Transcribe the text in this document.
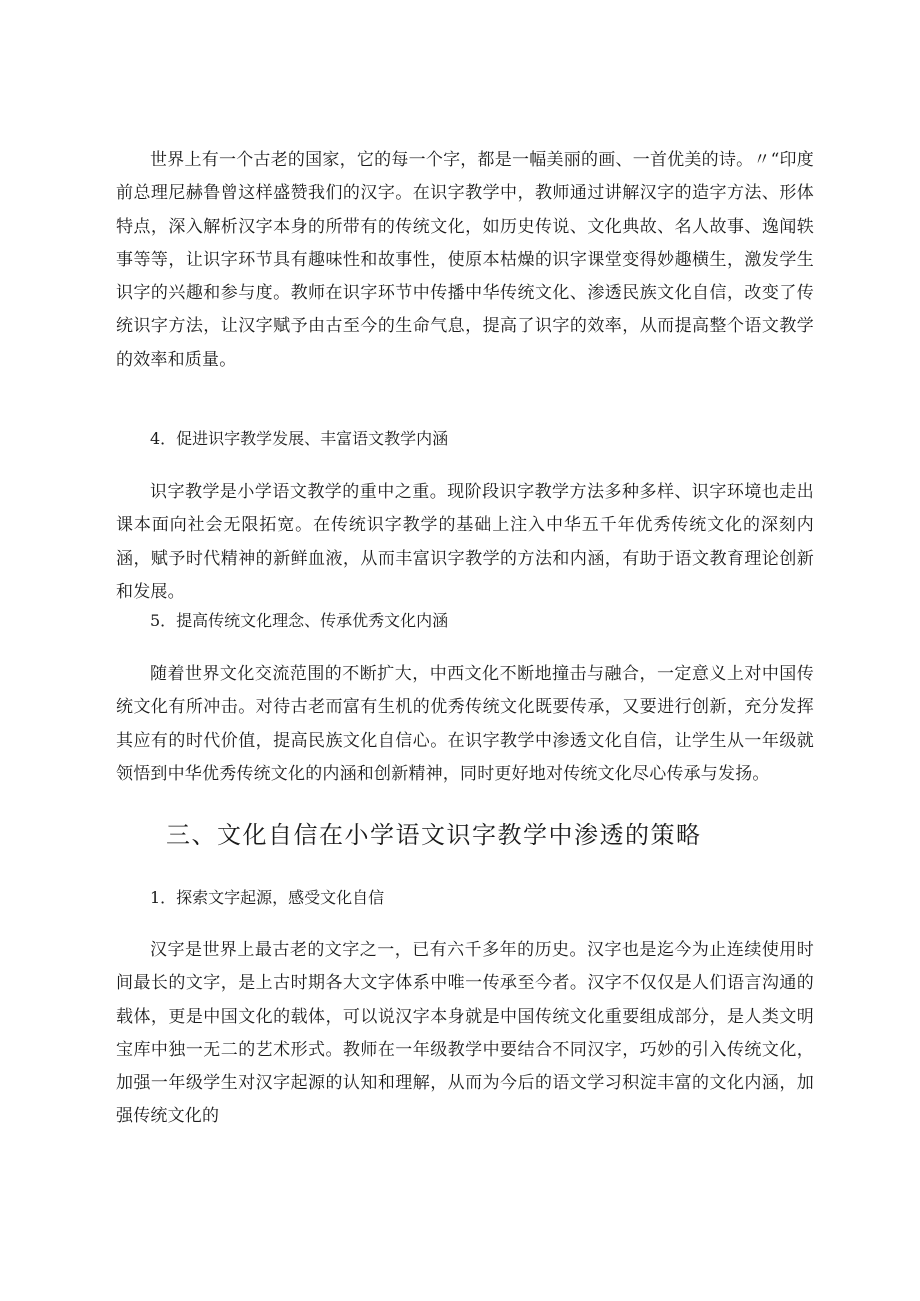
世界上有一个古老的国家，它的每一个字，都是一幅美丽的画、一首优美的诗。〃“印度前总理尼赫鲁曾这样盛赞我们的汉字。在识字教学中，教师通过讲解汉字的造字方法、形体特点，深入解析汉字本身的所带有的传统文化，如历史传说、文化典故、名人故事、逸闻轶事等等，让识字环节具有趣味性和故事性，使原本枯燥的识字课堂变得妙趣横生，激发学生识字的兴趣和参与度。教师在识字环节中传播中华传统文化、渗透民族文化自信，改变了传统识字方法，让汉字赋予由古至今的生命气息，提高了识字的效率，从而提高整个语文教学的效率和质量。

4．促进识字教学发展、丰富语文教学内涵

识字教学是小学语文教学的重中之重。现阶段识字教学方法多种多样、识字环境也走出课本面向社会无限拓宽。在传统识字教学的基础上注入中华五千年优秀传统文化的深刻内涵，赋予时代精神的新鲜血液，从而丰富识字教学的方法和内涵，有助于语文教育理论创新和发展。

5．提高传统文化理念、传承优秀文化内涵

随着世界文化交流范围的不断扩大，中西文化不断地撞击与融合，一定意义上对中国传统文化有所冲击。对待古老而富有生机的优秀传统文化既要传承，又要进行创新，充分发挥其应有的时代价值，提高民族文化自信心。在识字教学中渗透文化自信，让学生从一年级就领悟到中华优秀传统文化的内涵和创新精神，同时更好地对传统文化尽心传承与发扬。

三、文化自信在小学语文识字教学中渗透的策略

1．探索文字起源，感受文化自信

汉字是世界上最古老的文字之一，已有六千多年的历史。汉字也是迄今为止连续使用时间最长的文字，是上古时期各大文字体系中唯一传承至今者。汉字不仅仅是人们语言沟通的载体，更是中国文化的载体，可以说汉字本身就是中国传统文化重要组成部分，是人类文明宝库中独一无二的艺术形式。教师在一年级教学中要结合不同汉字，巧妙的引入传统文化，加强一年级学生对汉字起源的认知和理解，从而为今后的语文学习积淀丰富的文化内涵，加强传统文化的
